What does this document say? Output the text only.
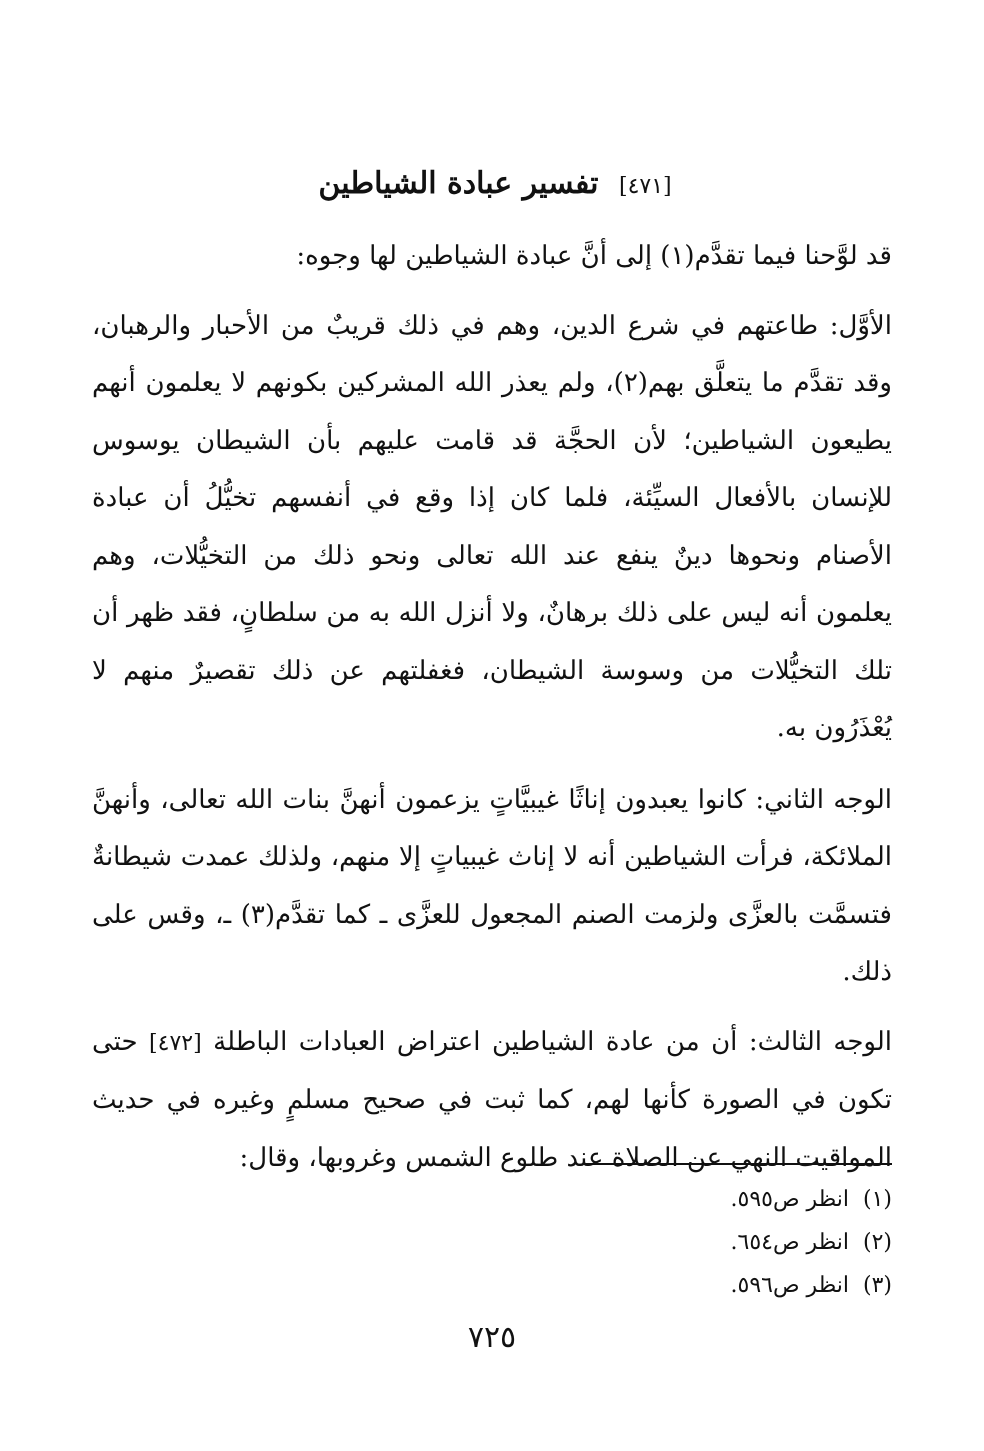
[٤٧١] تفسير عبادة الشياطين

قد لوَّحنا فيما تقدَّم(١) إلى أنَّ عبادة الشياطين لها وجوه:

الأوَّل: طاعتهم في شرع الدين، وهم في ذلك قريبٌ من الأحبار والرهبان، وقد تقدَّم ما يتعلَّق بهم(٢)، ولم يعذر الله المشركين بكونهم لا يعلمون أنهم يطيعون الشياطين؛ لأن الحجَّة قد قامت عليهم بأن الشيطان يوسوس للإنسان بالأفعال السيِّئة، فلما كان إذا وقع في أنفسهم تخيُّلُ أن عبادة الأصنام ونحوها دينٌ ينفع عند الله تعالى ونحو ذلك من التخيُّلات، وهم يعلمون أنه ليس على ذلك برهانٌ، ولا أنزل الله به من سلطانٍ، فقد ظهر أن تلك التخيُّلات من وسوسة الشيطان، فغفلتهم عن ذلك تقصيرٌ منهم لا يُعْذَرُون به.

الوجه الثاني: كانوا يعبدون إناثًا غيبيَّاتٍ يزعمون أنهنَّ بنات الله تعالى، وأنهنَّ الملائكة، فرأت الشياطين أنه لا إناث غيبياتٍ إلا منهم، ولذلك عمدت شيطانةٌ فتسمَّت بالعزَّى ولزمت الصنم المجعول للعزَّى ـ كما تقدَّم(٣) ـ، وقس على ذلك.

الوجه الثالث: أن من عادة الشياطين اعتراض العبادات الباطلة [٤٧٢] حتى تكون في الصورة كأنها لهم، كما ثبت في صحيح مسلمٍ وغيره في حديث المواقيت النهي عن الصلاة عند طلوع الشمس وغروبها، وقال:

(١)انظر ص٥٩٥.
(٢)انظر ص٦٥٤.
(٣)انظر ص٥٩٦.
٧٢٥
